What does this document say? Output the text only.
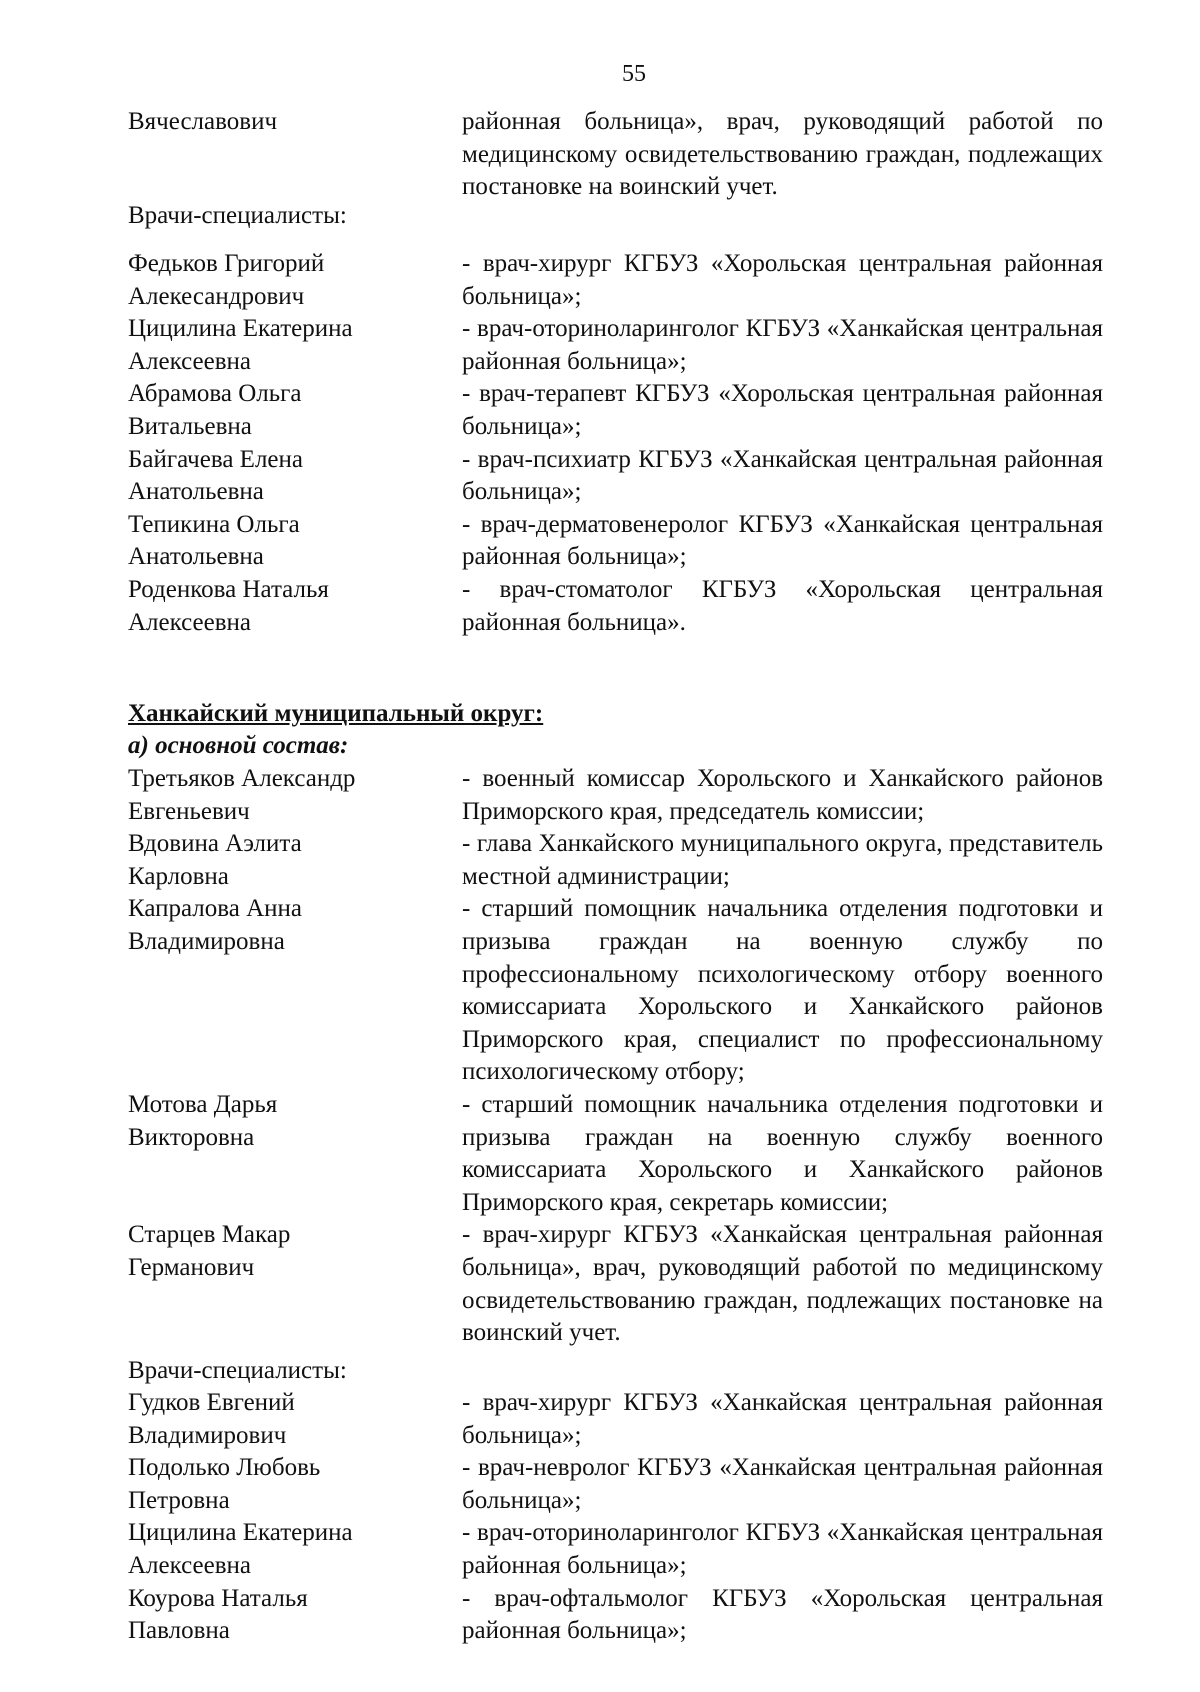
55
Вячеславович	районная больница», врач, руководящий работой по медицинскому освидетельствованию граждан, подлежащих постановке на воинский учет.
Врачи-специалисты:
Федьков Григорий
Алекесандрович
- врач-хирург КГБУЗ «Хорольская центральная районная больница»;
Цицилина Екатерина
Алексеевна
- врач-оториноларинголог КГБУЗ «Ханкайская центральная районная больница»;
Абрамова Ольга
Витальевна
- врач-терапевт КГБУЗ «Хорольская центральная районная больница»;
Байгачева Елена
Анатольевна
- врач-психиатр КГБУЗ «Ханкайская центральная районная больница»;
Тепикина Ольга
Анатольевна
- врач-дерматовенеролог КГБУЗ «Ханкайская центральная районная больница»;
Роденкова Наталья
Алексеевна
- врач-стоматолог КГБУЗ «Хорольская центральная районная больница».
Ханкайский муниципальный округ:
а) основной состав:
Третьяков Александр
Евгеньевич
- военный комиссар Хорольского и Ханкайского районов Приморского края, председатель комиссии;
Вдовина Аэлита
Карловна
- глава Ханкайского муниципального округа, представитель местной администрации;
Капралова Анна
Владимировна
- старший помощник начальника отделения подготовки и призыва граждан на военную службу по профессиональному психологическому отбору военного комиссариата Хорольского и Ханкайского районов Приморского края, специалист по профессиональному психологическому отбору;
Мотова Дарья
Викторовна
- старший помощник начальника отделения подготовки и призыва граждан на военную службу военного комиссариата Хорольского и Ханкайского районов Приморского края, секретарь комиссии;
Старцев Макар
Германович
- врач-хирург КГБУЗ «Ханкайская центральная районная больница», врач, руководящий работой по медицинскому освидетельствованию граждан, подлежащих постановке на воинский учет.
Врачи-специалисты:
Гудков Евгений
Владимирович
- врач-хирург КГБУЗ «Ханкайская центральная районная больница»;
Подолько Любовь
Петровна
- врач-невролог КГБУЗ «Ханкайская центральная районная больница»;
Цицилина Екатерина
Алексеевна
- врач-оториноларинголог КГБУЗ «Ханкайская центральная районная больница»;
Коурова Наталья
Павловна
- врач-офтальмолог КГБУЗ «Хорольская центральная районная больница»;
